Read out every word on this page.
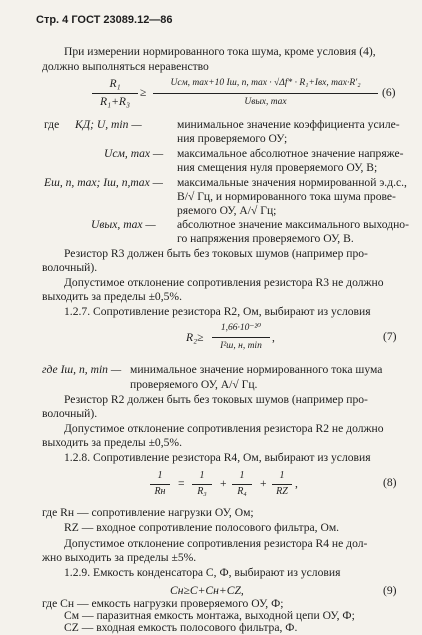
Стр. 4 ГОСТ 23089.12—86
При измерении нормированного тока шума, кроме условия (4),
должно выполняться неравенство
R₁
R₁+R₃
≥
Uсм, max+10 Iш, n, max · √Δf* · R₁+Iвх, max·R′₂
Uвых, max
(6)
где KД; U, min —	минимальное значение коэффициента усиле-
ния проверяемого ОУ;
Uсм, max — максимальное абсолютное значение напряже-
ния смещения нуля проверяемого ОУ, В;
Eш, n, max; Iш, n,max — максимальные значения нормированной э.д.с.,
В/√ Гц, и нормированного тока шума прове-
ряемого ОУ, А/√ Гц;
Uвых, max — абсолютное значение максимального выходно-
го напряжения проверяемого ОУ, В.
Резистор R3 должен быть без токовых шумов (например про-
волочный).
Допустимое отклонение сопротивления резистора R3 не должно
выходить за пределы ±0,5%.
1.2.7. Сопротивление резистора R2, Ом, выбирают из условия
R₂≥
1,66·10⁻²⁰
I²ш, н, min
,	(7)
где Iш, n, min — минимальное значение нормированного тока шума
проверяемого ОУ, А/√ Гц.
Резистор R2 должен быть без токовых шумов (например про-
волочный).
Допустимое отклонение сопротивления резистора R2 не должно
выходить за пределы ±0,5%.
1.2.8. Сопротивление резистора R4, Ом, выбирают из условия
1
Rн
=
1
R₃
+
1
R₄
+
1
RZ
,	(8)
где Rн — сопротивление нагрузки ОУ, Ом;
RZ — входное сопротивление полосового фильтра, Ом.
Допустимое отклонение сопротивления резистора R4 не дол-
жно выходить за пределы ±5%.
1.2.9. Емкость конденсатора С, Ф, выбирают из условия
Cн≥C+Cн+CZ,	(9)
где Cн — емкость нагрузки проверяемого ОУ, Ф;
Cм — паразитная емкость монтажа, выходной цепи ОУ, Ф;
CZ — входная емкость полосового фильтра, Ф.
